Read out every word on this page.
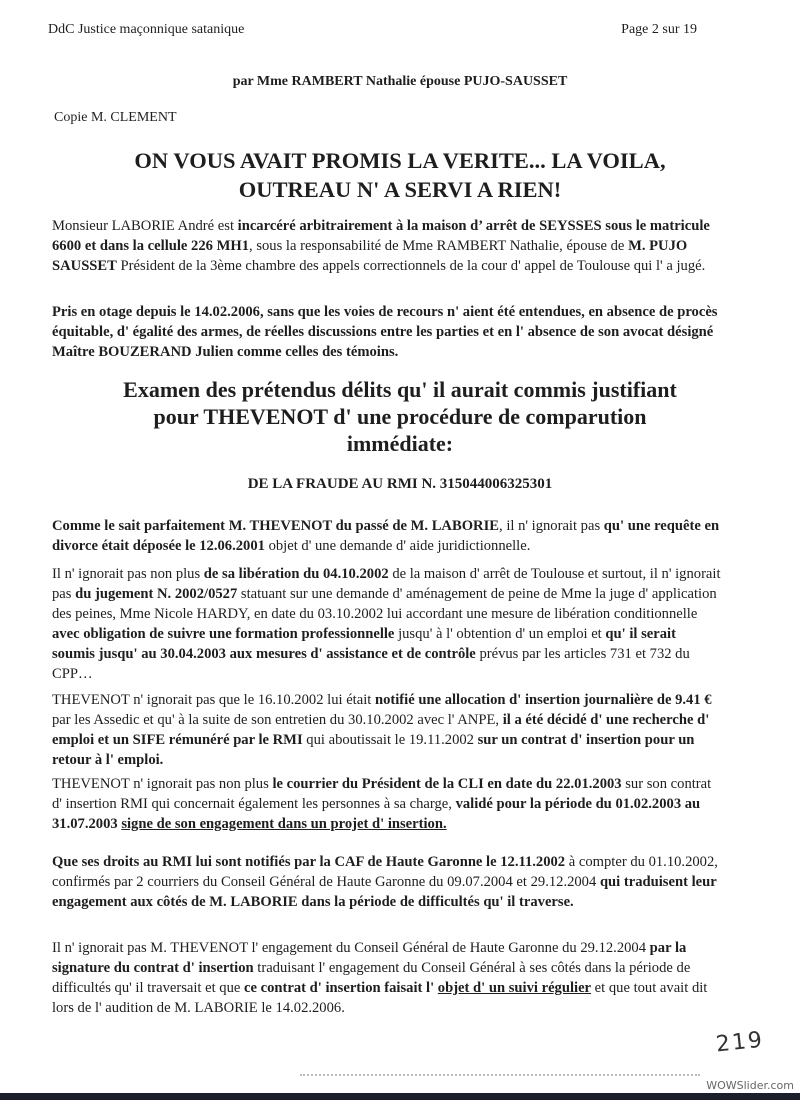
DdC Justice maçonnique satanique	Page 2 sur 19
par Mme RAMBERT Nathalie épouse PUJO-SAUSSET
Copie M. CLEMENT
ON VOUS AVAIT PROMIS LA VERITE... LA VOILA,
OUTREAU N' A SERVI A RIEN!
Monsieur LABORIE André est incarcéré arbitrairement à la maison d’ arrêt de SEYSSES sous le matricule 6600 et dans la cellule 226 MH1, sous la responsabilité de Mme RAMBERT Nathalie, épouse de M. PUJO SAUSSET Président de la 3ème chambre des appels correctionnels de la cour d' appel de Toulouse qui l' a jugé.
Pris en otage depuis le 14.02.2006, sans que les voies de recours n' aient été entendues, en absence de procès équitable, d' égalité des armes, de réelles discussions entre les parties et en l' absence de son avocat désigné Maître BOUZERAND Julien comme celles des témoins.
Examen des prétendus délits qu' il aurait commis justifiant
pour THEVENOT d' une procédure de comparution
immédiate:
DE LA FRAUDE AU RMI N. 315044006325301
Comme le sait parfaitement M. THEVENOT du passé de M. LABORIE, il n' ignorait pas qu' une requête en divorce était déposée le 12.06.2001 objet d' une demande d' aide juridictionnelle.
Il n' ignorait pas non plus de sa libération du 04.10.2002 de la maison d' arrêt de Toulouse et surtout, il n' ignorait pas du jugement N. 2002/0527 statuant sur une demande d' aménagement de peine de Mme la juge d' application des peines, Mme Nicole HARDY, en date du 03.10.2002 lui accordant une mesure de libération conditionnelle avec obligation de suivre une formation professionnelle jusqu' à l' obtention d' un emploi et qu' il serait soumis jusqu' au 30.04.2003 aux mesures d' assistance et de contrôle prévus par les articles 731 et 732 du CPP…
THEVENOT n' ignorait pas que le 16.10.2002 lui était notifié une allocation d' insertion journalière de 9.41 € par les Assedic et qu' à la suite de son entretien du 30.10.2002 avec l' ANPE, il a été décidé d' une recherche d' emploi et un SIFE rémunéré par le RMI qui aboutissait le 19.11.2002 sur un contrat d' insertion pour un retour à l' emploi.
THEVENOT n' ignorait pas non plus le courrier du Président de la CLI en date du 22.01.2003 sur son contrat d' insertion RMI qui concernait également les personnes à sa charge, validé pour la période du 01.02.2003 au 31.07.2003 signe de son engagement dans un projet d' insertion.
Que ses droits au RMI lui sont notifiés par la CAF de Haute Garonne le 12.11.2002 à compter du 01.10.2002, confirmés par 2 courriers du Conseil Général de Haute Garonne du 09.07.2004 et 29.12.2004 qui traduisent leur engagement aux côtés de M. LABORIE dans la période de difficultés qu' il traverse.
Il n' ignorait pas M. THEVENOT l' engagement du Conseil Général de Haute Garonne du 29.12.2004 par la signature du contrat d' insertion traduisant l' engagement du Conseil Général à ses côtés dans la période de difficultés qu' il traversait et que ce contrat d' insertion faisait l' objet d' un suivi régulier et que tout avait dit lors de l' audition de M. LABORIE le 14.02.2006.
219
WOWSlider.com
